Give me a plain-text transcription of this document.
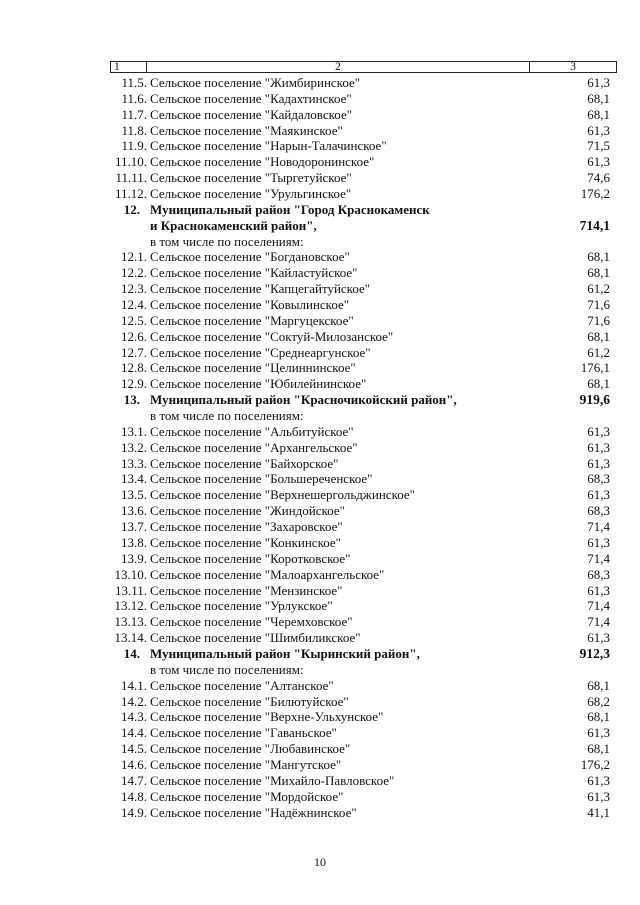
1	2	3
11.5. Сельское поселение "Жимбиринское"	61,3
11.6. Сельское поселение "Кадахтинское"	68,1
11.7. Сельское поселение "Кайдаловское"	68,1
11.8. Сельское поселение "Маякинское"	61,3
11.9. Сельское поселение "Нарын-Талачинское"	71,5
11.10. Сельское поселение "Новодоронинское"	61,3
11.11. Сельское поселение "Тыргетуйское"	74,6
11.12. Сельское поселение "Урульгинское"	176,2
12. Муниципальный район "Город Краснокаменск
и Краснокаменский район",	714,1
в том числе по поселениям:
12.1. Сельское поселение "Богдановское"	68,1
12.2. Сельское поселение "Кайластуйское"	68,1
12.3. Сельское поселение "Капцегайтуйское"	61,2
12.4. Сельское поселение "Ковылинское"	71,6
12.5. Сельское поселение "Маргуцекское"	71,6
12.6. Сельское поселение "Соктуй-Милозанское"	68,1
12.7. Сельское поселение "Среднеаргунское"	61,2
12.8. Сельское поселение "Целиннинское"	176,1
12.9. Сельское поселение "Юбилейнинское"	68,1
13. Муниципальный район "Красночикойский район",	919,6
в том числе по поселениям:
13.1. Сельское поселение "Альбитуйское"	61,3
13.2. Сельское поселение "Архангельское"	61,3
13.3. Сельское поселение "Байхорское"	61,3
13.4. Сельское поселение "Большереченское"	68,3
13.5. Сельское поселение "Верхнешергольджинское"	61,3
13.6. Сельское поселение "Жиндойское"	68,3
13.7. Сельское поселение "Захаровское"	71,4
13.8. Сельское поселение "Конкинское"	61,3
13.9. Сельское поселение "Коротковское"	71,4
13.10. Сельское поселение "Малоархангельское"	68,3
13.11. Сельское поселение "Мензинское"	61,3
13.12. Сельское поселение "Урлукское"	71,4
13.13. Сельское поселение "Черемховское"	71,4
13.14. Сельское поселение "Шимбиликское"	61,3
14. Муниципальный район "Кыринский район",	912,3
в том числе по поселениям:
14.1. Сельское поселение "Алтанское"	68,1
14.2. Сельское поселение "Билютуйское"	68,2
14.3. Сельское поселение "Верхне-Ульхунское"	68,1
14.4. Сельское поселение "Гаваньское"	61,3
14.5. Сельское поселение "Любавинское"	68,1
14.6. Сельское поселение "Мангутское"	176,2
14.7. Сельское поселение "Михайло-Павловское"	61,3
14.8. Сельское поселение "Мордойское"	61,3
14.9. Сельское поселение "Надёжнинское"	41,1
10
